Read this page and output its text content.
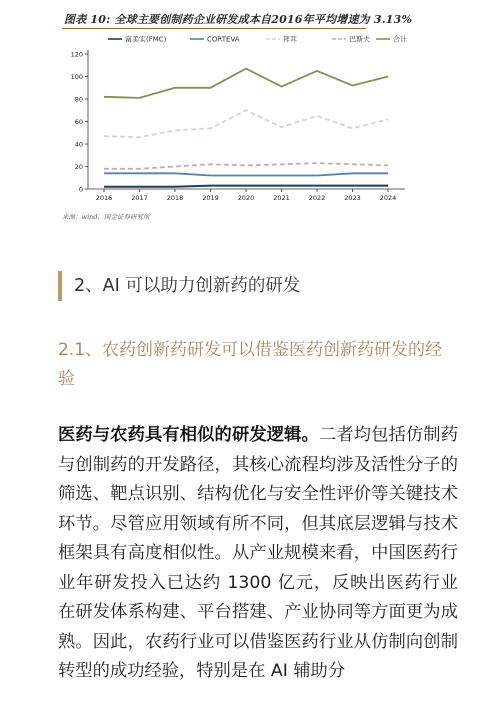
图表 10: 全球主要创制药企业研发成本自2016年平均增速为 3.13%
富美实(FMC)	CORTEVA	拜耳	巴斯夫	合计
0
20
40
60
80
100
120
2016	2017	2018	2019	2020	2021	2022	2023	2024
来源：wind，国金证券研究所
2、AI 可以助力创新药的研发
2.1、农药创新药研发可以借鉴医药创新药研发的经验
医药与农药具有相似的研发逻辑。二者均包括仿制药与创制药的开发路径，其核心流程均涉及活性分子的筛选、靶点识别、结构优化与安全性评价等关键技术环节。尽管应用领域有所不同，但其底层逻辑与技术框架具有高度相似性。从产业规模来看，中国医药行业年研发投入已达约 1300 亿元，反映出医药行业在研发体系构建、平台搭建、产业协同等方面更为成熟。因此，农药行业可以借鉴医药行业从仿制向创制转型的成功经验，特别是在 AI 辅助分
